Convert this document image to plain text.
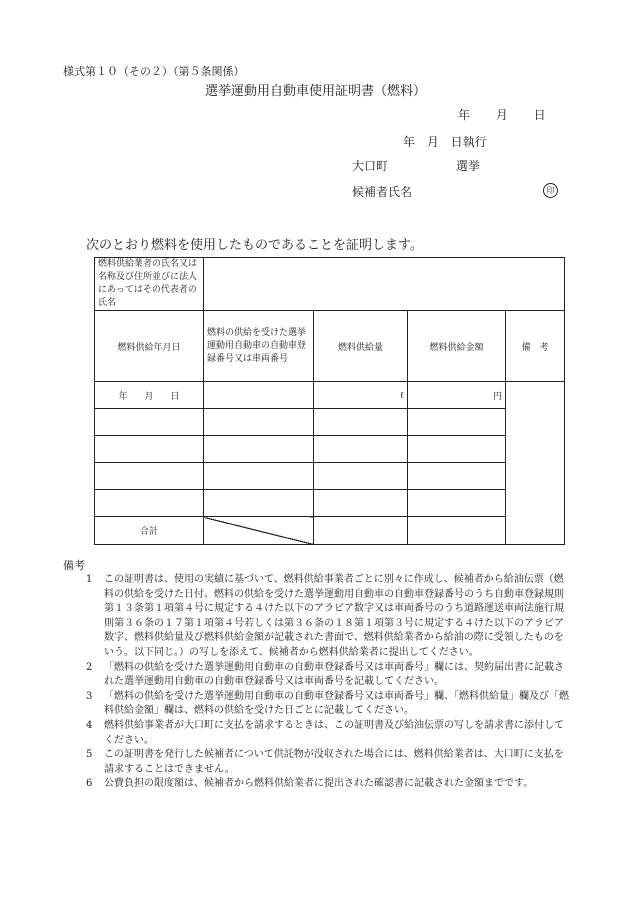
様式第１０（その２）（第５条関係）
選挙運動用自動車使用証明書（燃料）
年 月 日
年 月 日執行
大口町	選挙
候補者氏名	印
次のとおり燃料を使用したものであることを証明します。
燃料供給業者の氏名又は名称及び住所並びに法人にあってはその代表者の氏名				
燃料供給年月日	燃料の供給を受けた選挙運動用自動車の自動車登録番号又は車両番号	燃料供給量	燃料供給金額	備　考
年 月 日		ℓ	円	

合計				
備考
1	この証明書は、使用の実績に基づいて、燃料供給事業者ごとに別々に作成し、候補者から給油伝票（燃料の供給を受けた日付、燃料の供給を受けた選挙運動用自動車の自動車登録番号のうち自動車登録規則第１３条第１項第４号に規定する４けた以下のアラビア数字又は車両番号のうち道路運送車両法施行規則第３６条の１７第１項第４号若しくは第３６条の１８第１項第３号に規定する４けた以下のアラビア数字、燃料供給量及び燃料供給金額が記載された書面で、燃料供給業者から給油の際に受領したものをいう。以下同じ。）の写しを添えて、候補者から燃料供給業者に提出してください。
2	「燃料の供給を受けた選挙運動用自動車の自動車登録番号又は車両番号」欄には、契約届出書に記載された選挙運動用自動車の自動車登録番号又は車両番号を記載してください。
3	「燃料の供給を受けた選挙運動用自動車の自動車登録番号又は車両番号」欄、「燃料供給量」欄及び「燃料供給金額」欄は、燃料の供給を受けた日ごとに記載してください。
4	燃料供給事業者が大口町に支払を請求するときは、この証明書及び給油伝票の写しを請求書に添付してください。
5	この証明書を発行した候補者について供託物が没収された場合には、燃料供給業者は、大口町に支払を請求することはできません。
6	公費負担の限度額は、候補者から燃料供給業者に提出された確認書に記載された金額までです。
